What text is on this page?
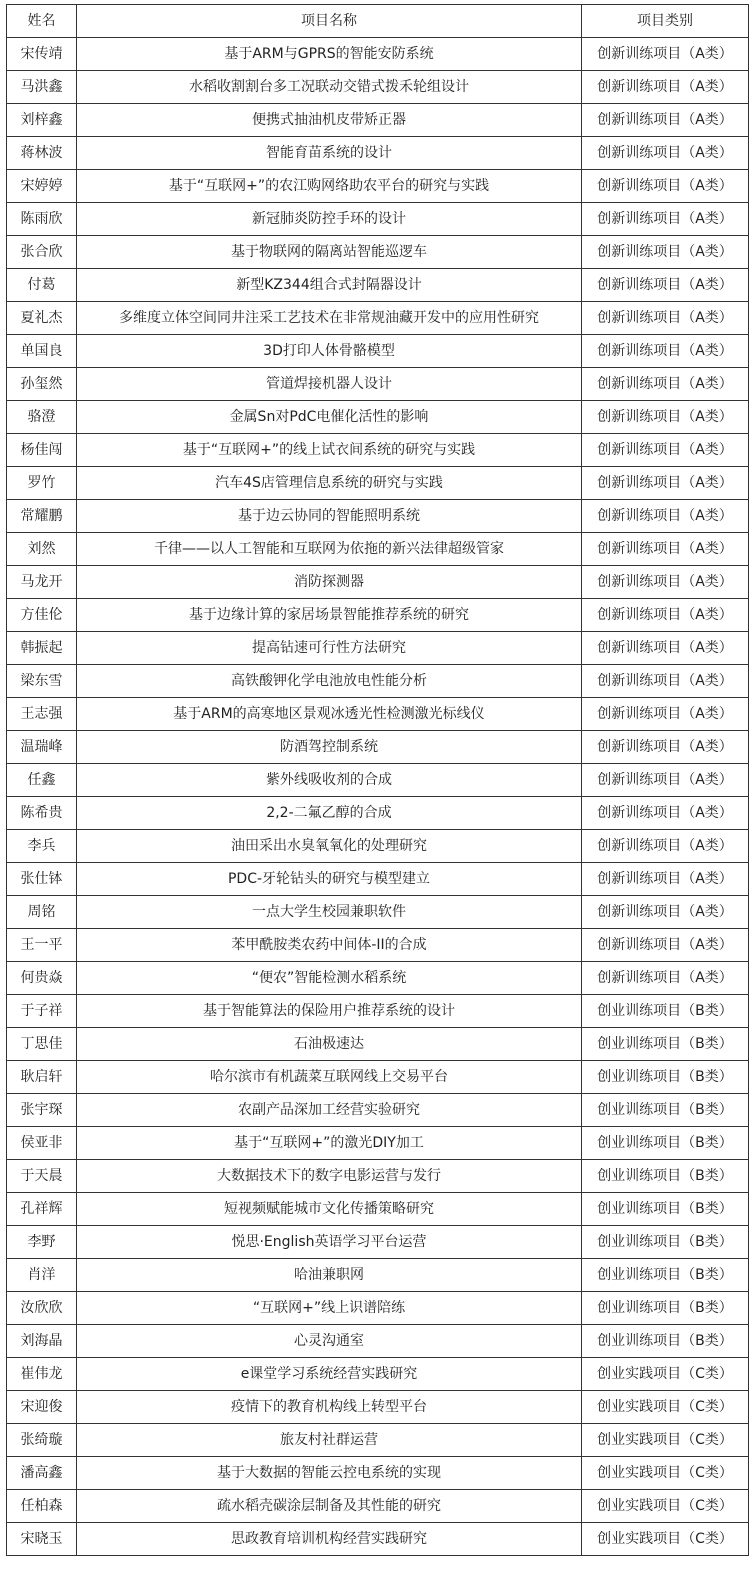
姓名	项目名称	项目类别
宋传靖	基于ARM与GPRS的智能安防系统	创新训练项目（A类）
马洪鑫	水稻收割割台多工况联动交错式拨禾轮组设计	创新训练项目（A类）
刘梓鑫	便携式抽油机皮带矫正器	创新训练项目（A类）
蒋林波	智能育苗系统的设计	创新训练项目（A类）
宋婷婷	基于“互联网+”的农江购网络助农平台的研究与实践	创新训练项目（A类）
陈雨欣	新冠肺炎防控手环的设计	创新训练项目（A类）
张合欣	基于物联网的隔离站智能巡逻车	创新训练项目（A类）
付葛	新型KZ344组合式封隔器设计	创新训练项目（A类）
夏礼杰	多维度立体空间同井注采工艺技术在非常规油藏开发中的应用性研究	创新训练项目（A类）
单国良	3D打印人体骨骼模型	创新训练项目（A类）
孙玺然	管道焊接机器人设计	创新训练项目（A类）
骆澄	金属Sn对PdC电催化活性的影响	创新训练项目（A类）
杨佳闯	基于“互联网+”的线上试衣间系统的研究与实践	创新训练项目（A类）
罗竹	汽车4S店管理信息系统的研究与实践	创新训练项目（A类）
常耀鹏	基于边云协同的智能照明系统	创新训练项目（A类）
刘然	千律——以人工智能和互联网为依拖的新兴法律超级管家	创新训练项目（A类）
马龙开	消防探测器	创新训练项目（A类）
方佳伦	基于边缘计算的家居场景智能推荐系统的研究	创新训练项目（A类）
韩振起	提高钻速可行性方法研究	创新训练项目（A类）
梁东雪	高铁酸钾化学电池放电性能分析	创新训练项目（A类）
王志强	基于ARM的高寒地区景观冰透光性检测激光标线仪	创新训练项目（A类）
温瑞峰	防酒驾控制系统	创新训练项目（A类）
任鑫	紫外线吸收剂的合成	创新训练项目（A类）
陈希贵	2,2-二氟乙醇的合成	创新训练项目（A类）
李兵	油田采出水臭氧氧化的处理研究	创新训练项目（A类）
张仕钵	PDC-牙轮钻头的研究与模型建立	创新训练项目（A类）
周铭	一点大学生校园兼职软件	创新训练项目（A类）
王一平	苯甲酰胺类农药中间体-II的合成	创新训练项目（A类）
何贵焱	“便农”智能检测水稻系统	创新训练项目（A类）
于子祥	基于智能算法的保险用户推荐系统的设计	创业训练项目（B类）
丁思佳	石油极速达	创业训练项目（B类）
耿启轩	哈尔滨市有机蔬菜互联网线上交易平台	创业训练项目（B类）
张宇琛	农副产品深加工经营实验研究	创业训练项目（B类）
侯亚非	基于“互联网+”的激光DIY加工	创业训练项目（B类）
于天晨	大数据技术下的数字电影运营与发行	创业训练项目（B类）
孔祥辉	短视频赋能城市文化传播策略研究	创业训练项目（B类）
李野	悦思·English英语学习平台运营	创业训练项目（B类）
肖洋	哈油兼职网	创业训练项目（B类）
汝欣欣	“互联网+”线上识谱陪练	创业训练项目（B类）
刘海晶	心灵沟通室	创业训练项目（B类）
崔伟龙	e课堂学习系统经营实践研究	创业实践项目（C类）
宋迎俊	疫情下的教育机构线上转型平台	创业实践项目（C类）
张绮璇	旅友村社群运营	创业实践项目（C类）
潘高鑫	基于大数据的智能云控电系统的实现	创业实践项目（C类）
任柏森	疏水稻壳碳涂层制备及其性能的研究	创业实践项目（C类）
宋晓玉	思政教育培训机构经营实践研究	创业实践项目（C类）
